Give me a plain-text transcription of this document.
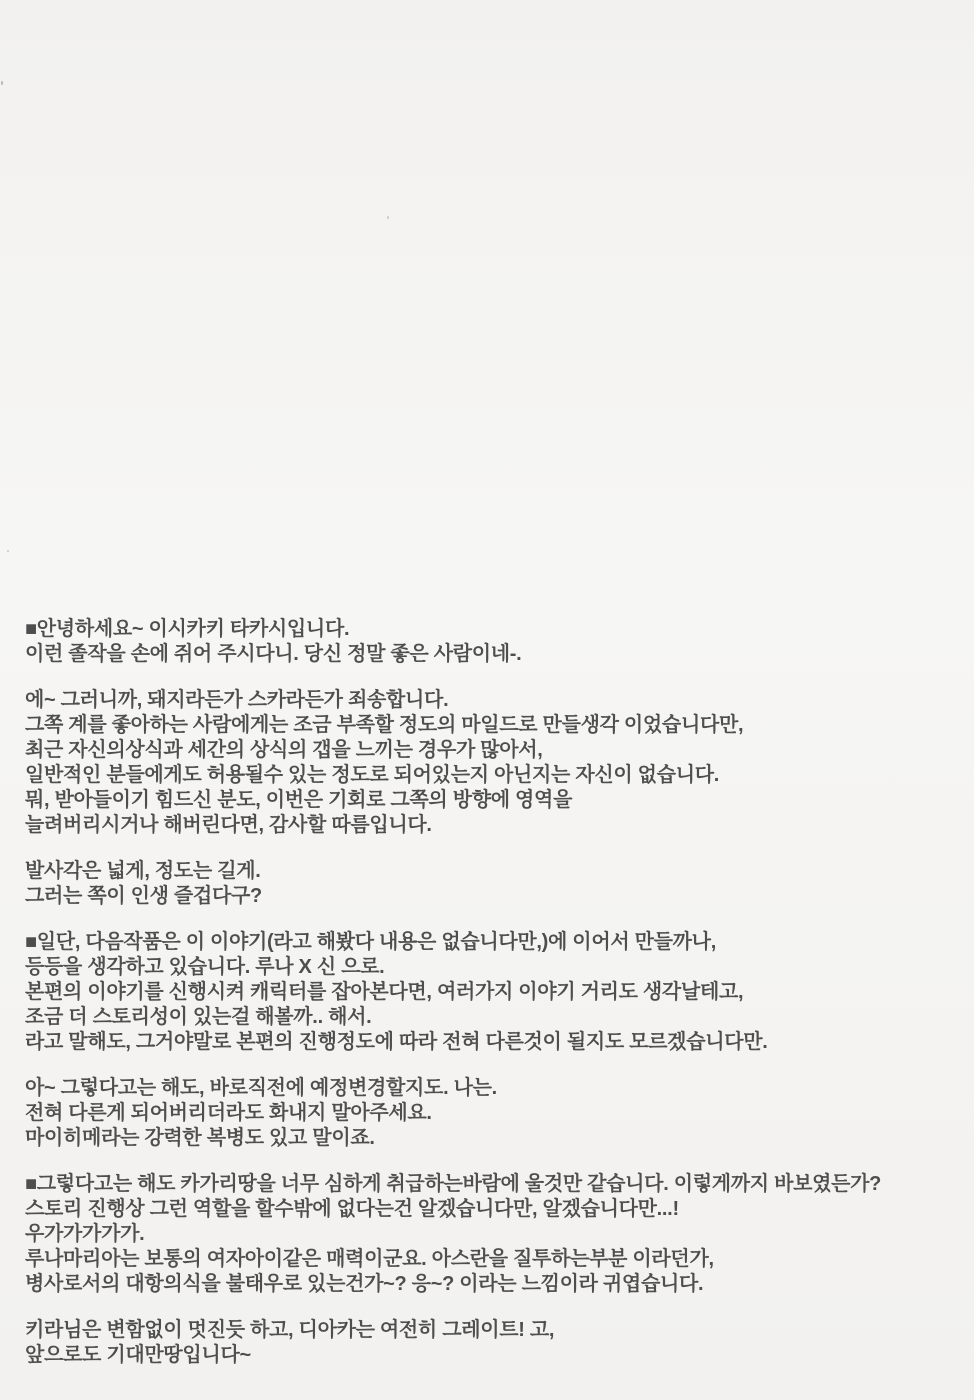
■안녕하세요~ 이시카키 타카시입니다.
이런 졸작을 손에 쥐어 주시다니. 당신 정말 좋은 사람이네-.

에~ 그러니까, 돼지라든가 스카라든가 죄송합니다.
그쪽 계를 좋아하는 사람에게는 조금 부족할 정도의 마일드로 만들생각 이었습니다만,
최근 자신의상식과 세간의 상식의 갭을 느끼는 경우가 많아서,
일반적인 분들에게도 허용될수 있는 정도로 되어있는지 아닌지는 자신이 없습니다.
뭐, 받아들이기 힘드신 분도, 이번은 기회로 그쪽의 방향에 영역을
늘려버리시거나 해버린다면, 감사할 따름입니다.

발사각은 넓게, 정도는 길게.
그러는 쪽이 인생 즐겁다구?

■일단, 다음작품은 이 이야기(라고 해봤다 내용은 없습니다만,)에 이어서 만들까나,
등등을 생각하고 있습니다. 루나 X 신 으로.
본편의 이야기를 신행시켜 캐릭터를 잡아본다면, 여러가지 이야기 거리도 생각날테고,
조금 더 스토리성이 있는걸 해볼까.. 해서.
라고 말해도, 그거야말로 본편의 진행정도에 따라 전혀 다른것이 될지도 모르겠습니다만.

아~ 그렇다고는 해도, 바로직전에 예정변경할지도. 나는.
전혀 다른게 되어버리더라도 화내지 말아주세요.
마이히메라는 강력한 복병도 있고 말이죠.

■그렇다고는 해도 카가리땅을 너무 심하게 취급하는바람에 울것만 같습니다. 이렇게까지 바보였든가?
스토리 진행상 그런 역할을 할수밖에 없다는건 알겠습니다만, 알겠습니다만...!
우가가가가가.
루나마리아는 보통의 여자아이같은 매력이군요. 아스란을 질투하는부분 이라던가,
병사로서의 대항의식을 불태우로 있는건가~? 응~? 이라는 느낌이라 귀엽습니다.

키라님은 변함없이 멋진듯 하고, 디아카는 여전히 그레이트! 고,
앞으로도 기대만땅입니다~
